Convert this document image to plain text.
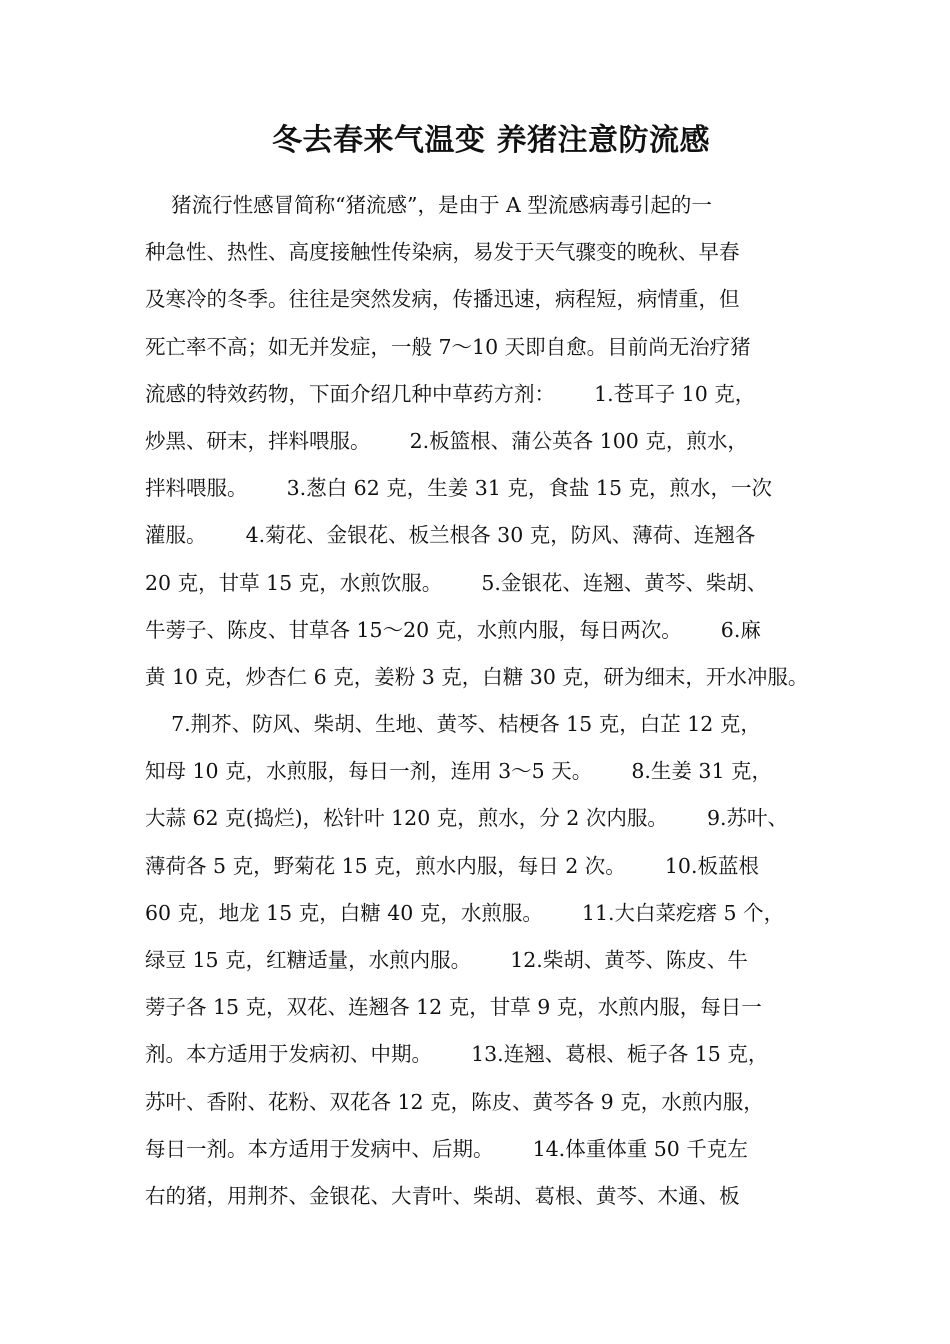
冬去春来气温变 养猪注意防流感
猪流行性感冒简称“猪流感”，是由于 A 型流感病毒引起的一
种急性、热性、高度接触性传染病，易发于天气骤变的晚秋、早春
及寒冷的冬季。往往是突然发病，传播迅速，病程短，病情重，但
死亡率不高；如无并发症，一般 7～10 天即自愈。目前尚无治疗猪
流感的特效药物，下面介绍几种中草药方剂：      1.苍耳子 10 克，
炒黑、研末，拌料喂服。      2.板篮根、蒲公英各 100 克，煎水，
拌料喂服。      3.葱白 62 克，生姜 31 克，食盐 15 克，煎水，一次
灌服。      4.菊花、金银花、板兰根各 30 克，防风、薄荷、连翘各
20 克，甘草 15 克，水煎饮服。      5.金银花、连翘、黄芩、柴胡、
牛蒡子、陈皮、甘草各 15～20 克，水煎内服，每日两次。      6.麻
黄 10 克，炒杏仁 6 克，姜粉 3 克，白糖 30 克，研为细末，开水冲服。
7.荆芥、防风、柴胡、生地、黄芩、桔梗各 15 克，白芷 12 克，
知母 10 克，水煎服，每日一剂，连用 3～5 天。      8.生姜 31 克，
大蒜 62 克(捣烂)，松针叶 120 克，煎水，分 2 次内服。      9.苏叶、
薄荷各 5 克，野菊花 15 克，煎水内服，每日 2 次。      10.板蓝根
60 克，地龙 15 克，白糖 40 克，水煎服。      11.大白菜疙瘩 5 个，
绿豆 15 克，红糖适量，水煎内服。      12.柴胡、黄芩、陈皮、牛
蒡子各 15 克，双花、连翘各 12 克，甘草 9 克，水煎内服，每日一
剂。本方适用于发病初、中期。      13.连翘、葛根、栀子各 15 克，
苏叶、香附、花粉、双花各 12 克，陈皮、黄芩各 9 克，水煎内服，
每日一剂。本方适用于发病中、后期。      14.体重体重 50 千克左
右的猪，用荆芥、金银花、大青叶、柴胡、葛根、黄芩、木通、板
